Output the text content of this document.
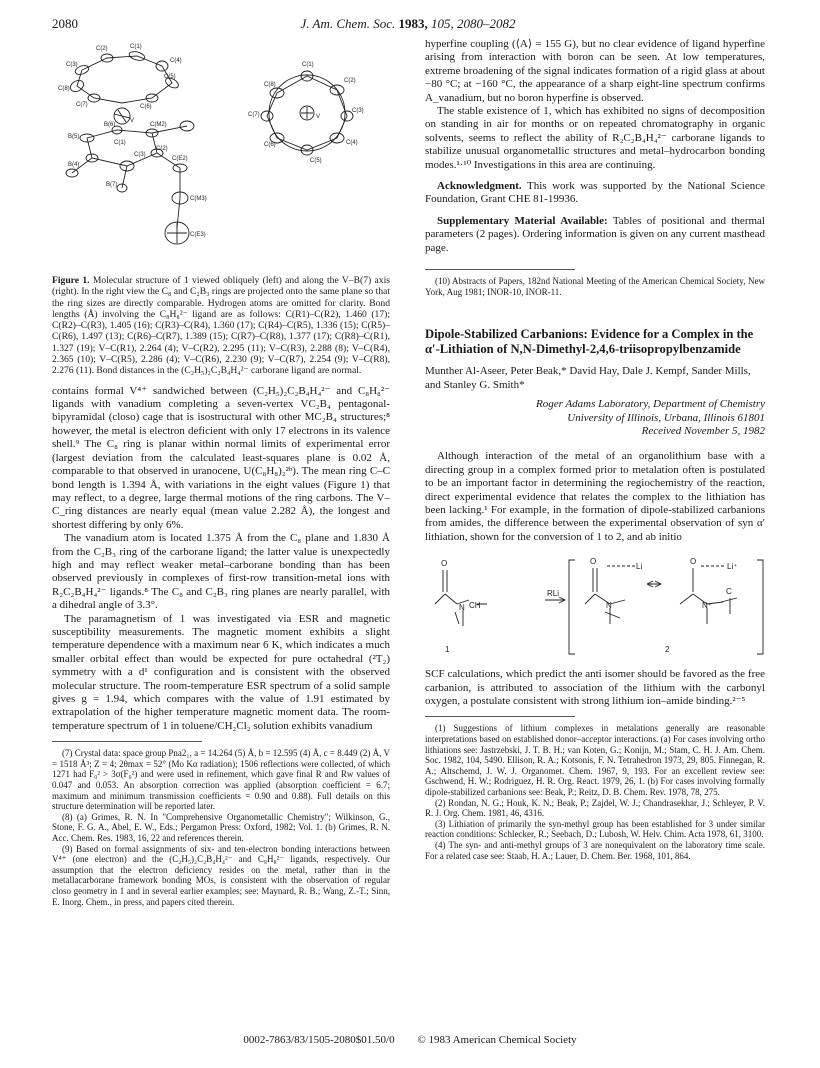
2080	J. Am. Chem. Soc. 1983, 105, 2080–2082
C(3)
C(2)	C(1)
C(8)
C(7)	C(6)
C(5)
C(4)
V
B(5)
B(6)
C(1)
C(M2)
C(2)
C(3)
C(E2)
B(4)
B(7)
C(M3)
C(E3)
C(1)
C(8)
C(2)
C(3)
C(7)	V
C(4)
C(6)
C(5)
Figure 1. Molecular structure of 1 viewed obliquely (left) and along the V–B(7) axis (right). In the right view the C₈ and C₂B₃ rings are projected onto the same plane so that the ring sizes are directly comparable. Hydrogen atoms are omitted for clarity. Bond lengths (Å) involving the C₈H₈²⁻ ligand are as follows: C(R1)–C(R2), 1.460 (17); C(R2)–C(R3), 1.405 (16); C(R3)–C(R4), 1.360 (17); C(R4)–C(R5), 1.336 (15); C(R5)–C(R6), 1.497 (13); C(R6)–C(R7), 1.389 (15); C(R7)–C(R8), 1.377 (17); C(R8)–C(R1), 1.327 (19); V–C(R1), 2.264 (4); V–C(R2), 2.295 (11); V–C(R3), 2.288 (8); V–C(R4), 2.365 (10); V–C(R5), 2.286 (4); V–C(R6), 2.230 (9); V–C(R7), 2.254 (9); V–C(R8), 2.276 (11). Bond distances in the (C₂H₅)₂C₂B₄H₄²⁻ carborane ligand are normal.

contains formal V⁴⁺ sandwiched between (C₂H₅)₂C₂B₄H₄²⁻ and C₈H₈²⁻ ligands with vanadium completing a seven-vertex VC₂B₄ pentagonal-bipyramidal (closo) cage that is isostructural with other MC₂B₄ structures;⁸ however, the metal is electron deficient with only 17 electrons in its valence shell.⁹ The C₈ ring is planar within normal limits of experimental error (largest deviation from the calculated least-squares plane is 0.02 Å, comparable to that observed in uranocene, U(C₈H₈)₂²ᵇ). The mean ring C–C bond length is 1.394 Å, with variations in the eight values (Figure 1) that may reflect, to a degree, large thermal motions of the ring carbons. The V–C_ring distances are nearly equal (mean value 2.282 Å), the longest and shortest differing by only 6%.

The vanadium atom is located 1.375 Å from the C₈ plane and 1.830 Å from the C₂B₃ ring of the carborane ligand; the latter value is unexpectedly high and may reflect weaker metal–carborane bonding than has been observed previously in complexes of first-row transition-metal ions with R₂C₂B₄H₄²⁻ ligands.⁸ The C₈ and C₂B₃ ring planes are nearly parallel, with a dihedral angle of 3.3°.

The paramagnetism of 1 was investigated via ESR and magnetic susceptibility measurements. The magnetic moment exhibits a slight temperature dependence with a maximum near 6 K, which indicates a much smaller orbital effect than would be expected for pure octahedral (²T₂) symmetry with a d¹ configuration and is consistent with the observed molecular structure. The room-temperature ESR spectrum of a solid sample gives g = 1.94, which compares with the value of 1.91 estimated by extrapolation of the higher temperature magnetic moment data. The room-temperature spectrum of 1 in toluene/CH₂Cl₂ solution exhibits vanadium

(7) Crystal data: space group Pna2₁, a = 14.264 (5) Å, b = 12.595 (4) Å, c = 8.449 (2) Å, V = 1518 Å³; Z = 4; 2θmax = 52° (Mo Kα radiation); 1506 reflections were collected, of which 1271 had F₀² > 3σ(F₀²) and were used in refinement, which gave final R and Rw values of 0.047 and 0.053. An absorption correction was applied (absorption coefficient = 6.7; maximum and minimum transmission coefficients = 0.90 and 0.88). Full details on this structure determination will be reported later.

(8) (a) Grimes, R. N. In "Comprehensive Organometallic Chemistry"; Wilkinson, G., Stone, F. G. A., Abel, E. W., Eds.; Pergamon Press: Oxford, 1982; Vol. 1. (b) Grimes, R. N. Acc. Chem. Res. 1983, 16, 22 and references therein.

(9) Based on formal assignments of six- and ten-electron bonding interactions between V⁴⁺ (one electron) and the (C₂H₅)₂C₂B₄H₄²⁻ and C₈H₈²⁻ ligands, respectively. Our assumption that the electron deficiency resides on the metal, rather than in the metallacarborane framework bonding MOs, is consistent with the observation of regular closo geometry in 1 and in several earlier examples; see: Maynard, R. B.; Wang, Z.-T.; Sinn, E. Inorg. Chem., in press, and papers cited therein.

hyperfine coupling (⟨A⟩ = 155 G), but no clear evidence of ligand hyperfine arising from interaction with boron can be seen. At low temperatures, extreme broadening of the signal indicates formation of a rigid glass at about −80 °C; at −160 °C, the appearance of a sharp eight-line spectrum confirms A_vanadium, but no boron hyperfine is observed.

The stable existence of 1, which has exhibited no signs of decomposition on standing in air for months or on repeated chromatography in organic solvents, seems to reflect the ability of R₂C₂B₄H₄²⁻ carborane ligands to stabilize unusual organometallic structures and metal–hydrocarbon bonding modes.¹·¹⁰ Investigations in this area are continuing.

Acknowledgment. This work was supported by the National Science Foundation, Grant CHE 81-19936.

Supplementary Material Available: Tables of positional and thermal parameters (2 pages). Ordering information is given on any current masthead page.

(10) Abstracts of Papers, 182nd National Meeting of the American Chemical Society, New York, Aug 1981; INOR-10, INOR-11.

Dipole-Stabilized Carbanions: Evidence for a Complex in the α′-Lithiation of N,N-Dimethyl-2,4,6-triisopropylbenzamide
Munther Al-Aseer, Peter Beak,* David Hay, Dale J. Kempf, Sander Mills, and Stanley G. Smith*
Roger Adams Laboratory, Department of Chemistry
University of Illinois, Urbana, Illinois 61801
Received November 5, 1982

Although interaction of the metal of an organolithium base with a directing group in a complex formed prior to metalation often is postulated to be an important factor in determining the regiochemistry of the reaction, direct experimental evidence that relates the complex to the lithiation has been lacking.¹ For example, in the formation of dipole-stabilized carbanions from amides, the difference between the experimental observation of syn α′ lithiation, shown for the conversion of 1 to 2, and ab initio

O
N CH
RLi
O
Li
N
O
Li⁺
N⁺
C
1	2

SCF calculations, which predict the anti isomer should be favored as the free carbanion, is attributed to association of the lithium with the carbonyl oxygen, a postulate consistent with strong lithium ion–amide binding.²⁻⁵

(1) Suggestions of lithium complexes in metalations generally are reasonable interpretations based on established donor–acceptor interactions. (a) For cases involving ortho lithiations see: Jastrzebski, J. T. B. H.; van Koten, G.; Konijn, M.; Stam, C. H. J. Am. Chem. Soc. 1982, 104, 5490. Ellison, R. A.; Kotsonis, F. N. Tetrahedron 1973, 29, 805. Finnegan, R. A.; Altschemd, J. W. J. Organomet. Chem. 1967, 9, 193. For an excellent review see: Gschwend, H. W.; Rodriguez, H. R. Org. React. 1979, 26, 1. (b) For cases involving formally dipole-stabilized carbanions see: Beak, P.; Reitz, D. B. Chem. Rev. 1978, 78, 275.

(2) Rondan, N. G.; Houk, K. N.; Beak, P.; Zajdel, W. J.; Chandrasekhar, J.; Schleyer, P. V. R. J. Org. Chem. 1981, 46, 4316.

(3) Lithiation of primarily the syn-methyl group has been established for 3 under similar reaction conditions: Schlecker, R.; Seebach, D.; Lubosh, W. Helv. Chim. Acta 1978, 61, 3100.

(4) The syn- and anti-methyl groups of 3 are nonequivalent on the laboratory time scale. For a related case see: Staab, H. A.; Lauer, D. Chem. Ber. 1968, 101, 864.

0002-7863/83/1505-2080$01.50/0 © 1983 American Chemical Society
